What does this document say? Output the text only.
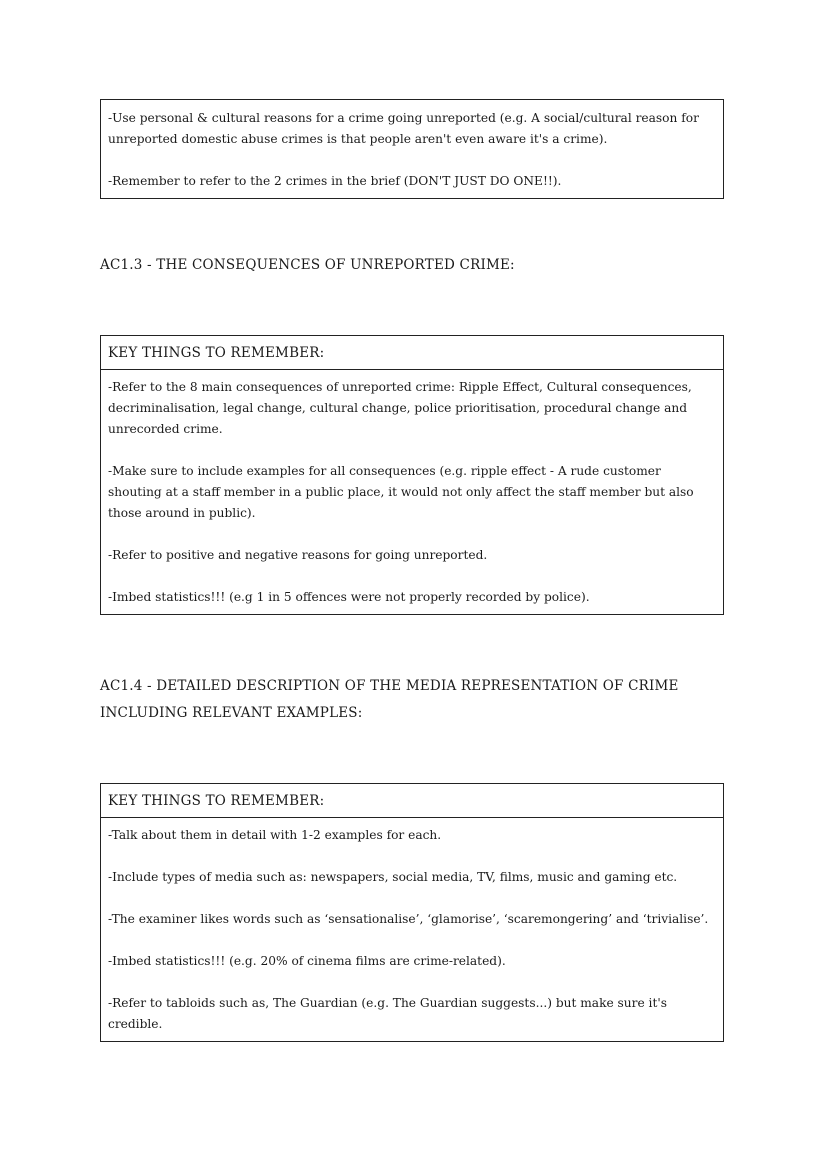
-Use personal & cultural reasons for a crime going unreported (e.g. A social/cultural reason for unreported domestic abuse crimes is that people aren't even aware it's a crime).

-Remember to refer to the 2 crimes in the brief (DON'T JUST DO ONE!!).

AC1.3 - THE CONSEQUENCES OF UNREPORTED CRIME:
KEY THINGS TO REMEMBER:

-Refer to the 8 main consequences of unreported crime: Ripple Effect, Cultural consequences, decriminalisation, legal change, cultural change, police prioritisation, procedural change and unrecorded crime.

-Make sure to include examples for all consequences (e.g. ripple effect - A rude customer shouting at a staff member in a public place, it would not only affect the staff member but also those around in public).

-Refer to positive and negative reasons for going unreported.

-Imbed statistics!!! (e.g 1 in 5 offences were not properly recorded by police).

AC1.4 - DETAILED DESCRIPTION OF THE MEDIA REPRESENTATION OF CRIME INCLUDING RELEVANT EXAMPLES:
KEY THINGS TO REMEMBER:

-Talk about them in detail with 1-2 examples for each.

-Include types of media such as: newspapers, social media, TV, films, music and gaming etc.

-The examiner likes words such as ‘sensationalise’, ‘glamorise’, ‘scaremongering’ and ‘trivialise’.

-Imbed statistics!!! (e.g. 20% of cinema films are crime-related).

-Refer to tabloids such as, The Guardian (e.g. The Guardian suggests...) but make sure it's credible.
